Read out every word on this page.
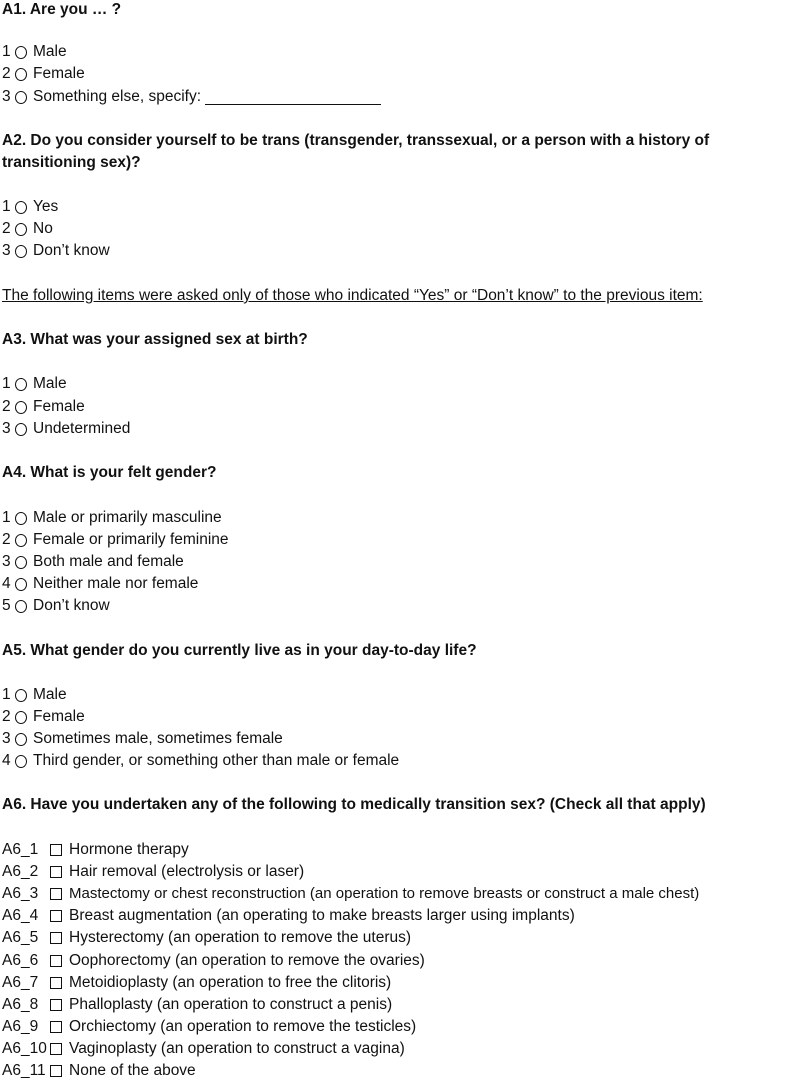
A1. Are you … ?
1 Male
2 Female
3 Something else, specify:
A2. Do you consider yourself to be trans (transgender, transsexual, or a person with a history of
transitioning sex)?
1 Yes
2 No
3 Don’t know
The following items were asked only of those who indicated “Yes” or “Don’t know” to the previous item:
A3. What was your assigned sex at birth?
1 Male
2 Female
3 Undetermined
A4. What is your felt gender?
1 Male or primarily masculine
2 Female or primarily feminine
3 Both male and female
4 Neither male nor female
5 Don’t know
A5. What gender do you currently live as in your day-to-day life?
1 Male
2 Female
3 Sometimes male, sometimes female
4 Third gender, or something other than male or female
A6. Have you undertaken any of the following to medically transition sex? (Check all that apply)
A6_1	Hormone therapy
A6_2	Hair removal (electrolysis or laser)
A6_3	Mastectomy or chest reconstruction (an operation to remove breasts or construct a male chest)
A6_4	Breast augmentation (an operating to make breasts larger using implants)
A6_5	Hysterectomy (an operation to remove the uterus)
A6_6	Oophorectomy (an operation to remove the ovaries)
A6_7	Metoidioplasty (an operation to free the clitoris)
A6_8	Phalloplasty (an operation to construct a penis)
A6_9	Orchiectomy (an operation to remove the testicles)
A6_10 Vaginoplasty (an operation to construct a vagina)
A6_11 None of the above
